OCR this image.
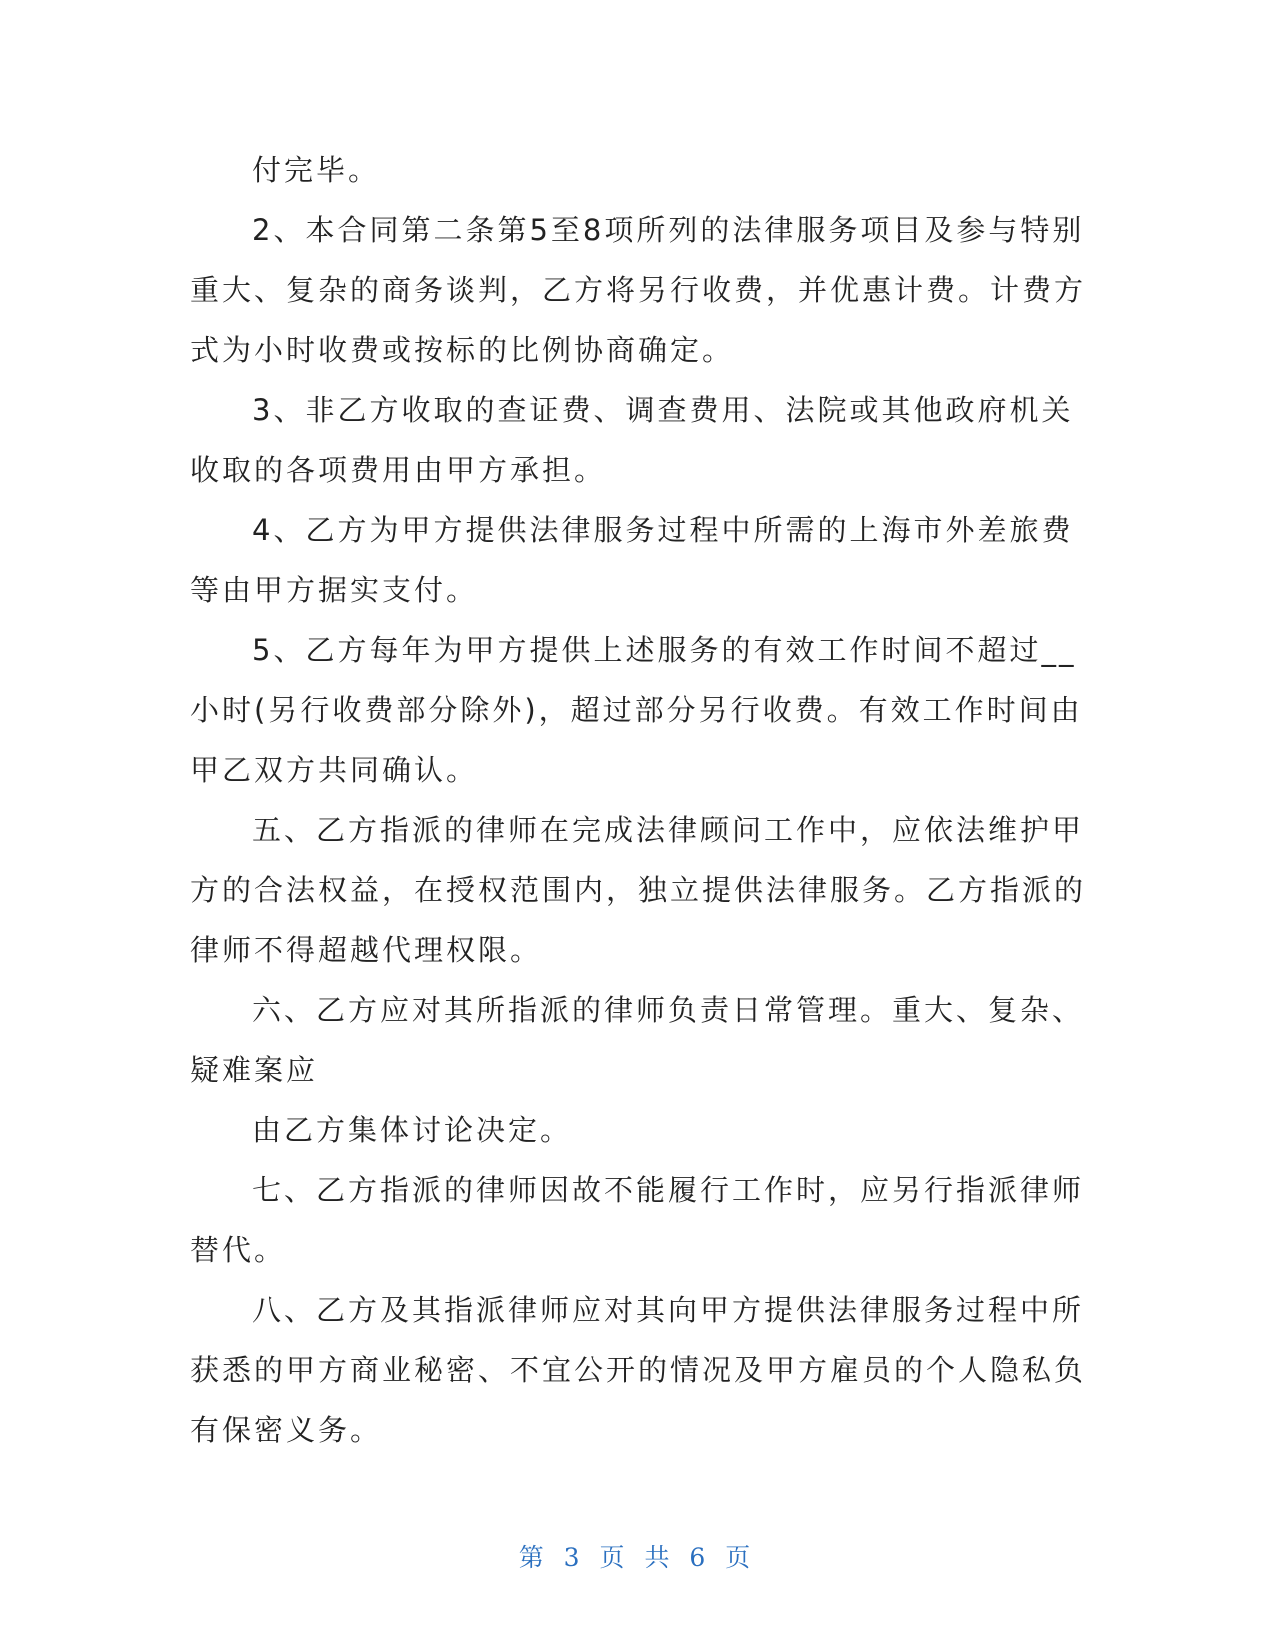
付完毕。

2、本合同第二条第5至8项所列的法律服务项目及参与特别重大、复杂的商务谈判，乙方将另行收费，并优惠计费。计费方式为小时收费或按标的比例协商确定。

3、非乙方收取的查证费、调查费用、法院或其他政府机关收取的各项费用由甲方承担。

4、乙方为甲方提供法律服务过程中所需的上海市外差旅费等由甲方据实支付。

5、乙方每年为甲方提供上述服务的有效工作时间不超过__小时(另行收费部分除外)，超过部分另行收费。有效工作时间由甲乙双方共同确认。

五、乙方指派的律师在完成法律顾问工作中，应依法维护甲方的合法权益，在授权范围内，独立提供法律服务。乙方指派的律师不得超越代理权限。

六、乙方应对其所指派的律师负责日常管理。重大、复杂、疑难案应

由乙方集体讨论决定。

七、乙方指派的律师因故不能履行工作时，应另行指派律师替代。

八、乙方及其指派律师应对其向甲方提供法律服务过程中所获悉的甲方商业秘密、不宜公开的情况及甲方雇员的个人隐私负有保密义务。

第 3 页 共 6 页
